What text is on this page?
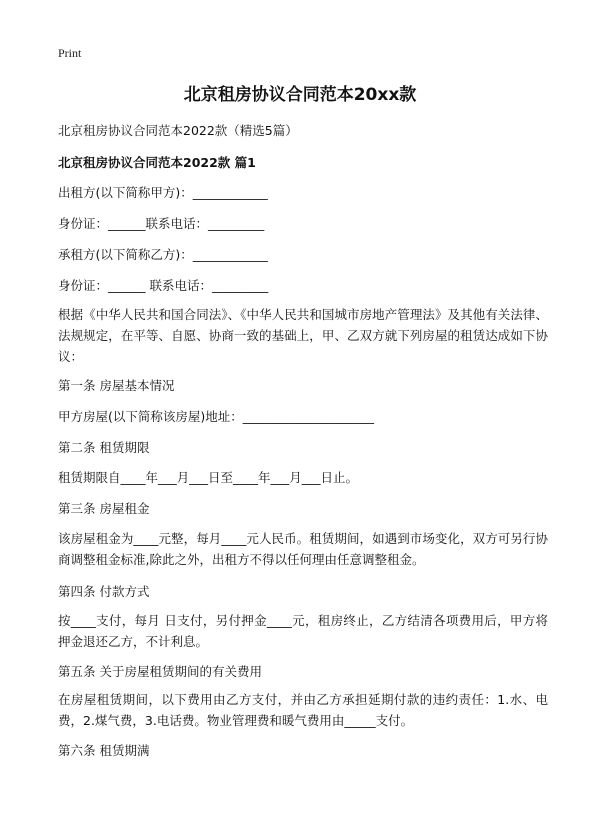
Print
北京租房协议合同范本20xx款
北京租房协议合同范本2022款（精选5篇）
北京租房协议合同范本2022款 篇1
出租方(以下简称甲方)：____________
身份证：______联系电话：_________
承租方(以下简称乙方)：____________
身份证：______ 联系电话：_________
根据《中华人民共和国合同法》、《中华人民共和国城市房地产管理法》及其他有关法律、法规规定，在平等、自愿、协商一致的基础上，甲、乙双方就下列房屋的租赁达成如下协议：
第一条 房屋基本情况
甲方房屋(以下简称该房屋)地址：_____________________
第二条 租赁期限
租赁期限自____年___月___日至____年___月___日止。
第三条 房屋租金
该房屋租金为____元整，每月____元人民币。租赁期间，如遇到市场变化，双方可另行协商调整租金标准,除此之外，出租方不得以任何理由任意调整租金。
第四条 付款方式
按____支付，每月 日支付，另付押金____元，租房终止，乙方结清各项费用后，甲方将押金退还乙方，不计利息。
第五条 关于房屋租赁期间的有关费用
在房屋租赁期间，以下费用由乙方支付，并由乙方承担延期付款的违约责任：1.水、电费，2.煤气费，3.电话费。物业管理费和暖气费用由_____支付。
第六条 租赁期满
